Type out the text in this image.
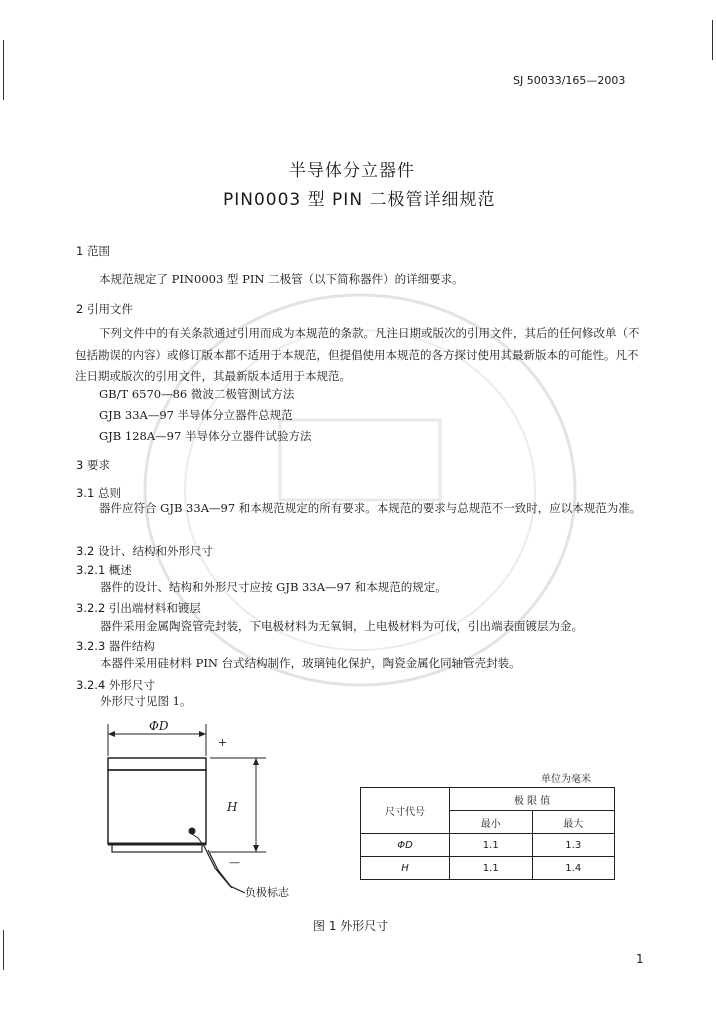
SJ 50033/165—2003
半导体分立器件
PIN0003 型 PIN 二极管详细规范
1 范围
本规范规定了 PIN0003 型 PIN 二极管（以下简称器件）的详细要求。
2 引用文件
下列文件中的有关条款通过引用而成为本规范的条款。凡注日期或版次的引用文件，其后的任何修改单（不包括勘误的内容）或修订版本都不适用于本规范，但提倡使用本规范的各方探讨使用其最新版本的可能性。凡不注日期或版次的引用文件，其最新版本适用于本规范。
GB/T 6570—86 微波二极管测试方法
GJB 33A—97 半导体分立器件总规范
GJB 128A—97 半导体分立器件试验方法
3 要求
3.1 总则
器件应符合 GJB 33A—97 和本规范规定的所有要求。本规范的要求与总规范不一致时，应以本规范为准。
3.2 设计、结构和外形尺寸
3.2.1 概述
器件的设计、结构和外形尺寸应按 GJB 33A—97 和本规范的规定。
3.2.2 引出端材料和镀层
器件采用金属陶瓷管壳封装，下电极材料为无氧铜，上电极材料为可伐，引出端表面镀层为金。
3.2.3 器件结构
本器件采用硅材料 PIN 台式结构制作，玻璃钝化保护，陶瓷金属化同轴管壳封装。
3.2.4 外形尺寸
外形尺寸见图 1。
ΦD
H
+
—
负极标志
单位为毫米
尺寸代号	极 限 值	
	最小	最大
ΦD	1.1	1.3
H	1.1	1.4
图 1 外形尺寸
1
